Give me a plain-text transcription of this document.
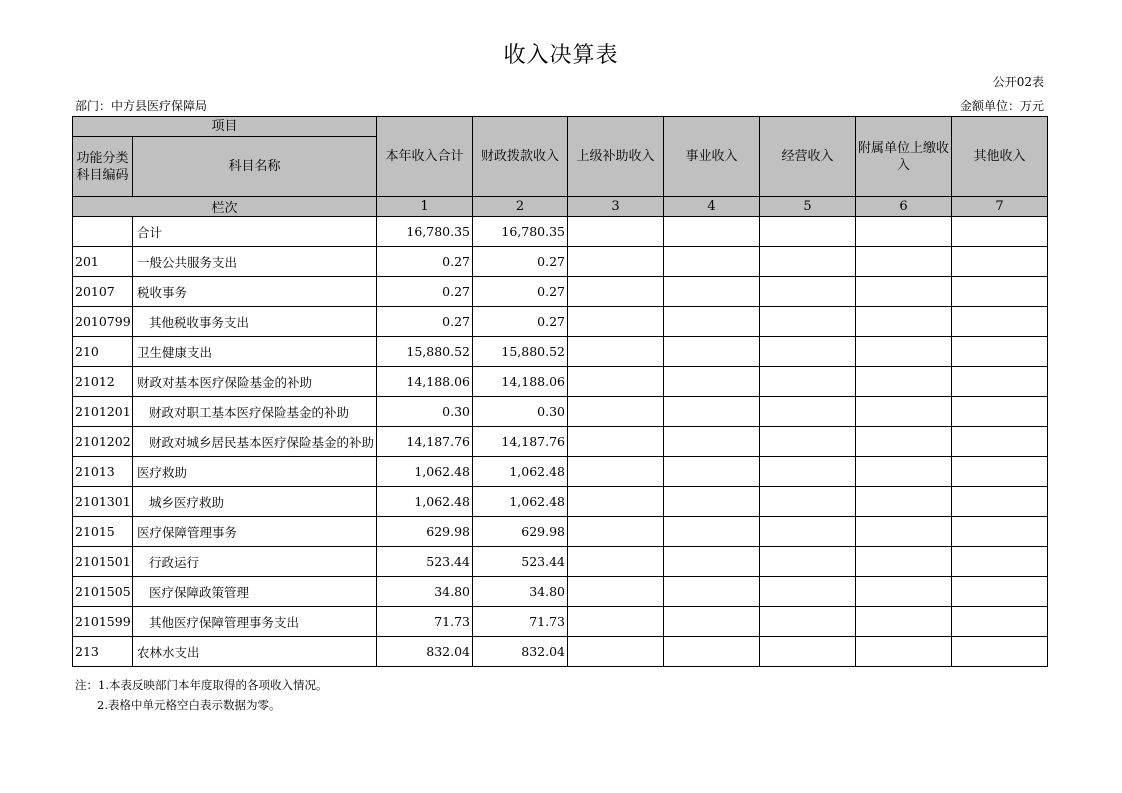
收入决算表
公开02表
部门：中方县医疗保障局	金额单位：万元
项目		本年收入合计	财政拨款收入	上级补助收入	事业收入	经营收入	附属单位上缴收入	其他收入
功能分类科目编码	科目名称							
栏次		1	2	3	4	5	6	7
	合计	16,780.35	16,780.35					
201	一般公共服务支出	0.27	0.27					
20107	税收事务	0.27	0.27					
2010799	其他税收事务支出	0.27	0.27					
210	卫生健康支出	15,880.52	15,880.52					
21012	财政对基本医疗保险基金的补助	14,188.06	14,188.06					
2101201	财政对职工基本医疗保险基金的补助	0.30	0.30					
2101202	财政对城乡居民基本医疗保险基金的补助	14,187.76	14,187.76					
21013	医疗救助	1,062.48	1,062.48					
2101301	城乡医疗救助	1,062.48	1,062.48					
21015	医疗保障管理事务	629.98	629.98					
2101501	行政运行	523.44	523.44					
2101505	医疗保障政策管理	34.80	34.80					
2101599	其他医疗保障管理事务支出	71.73	71.73					
213	农林水支出	832.04	832.04					
注：1.本表反映部门本年度取得的各项收入情况。
2.表格中单元格空白表示数据为零。
